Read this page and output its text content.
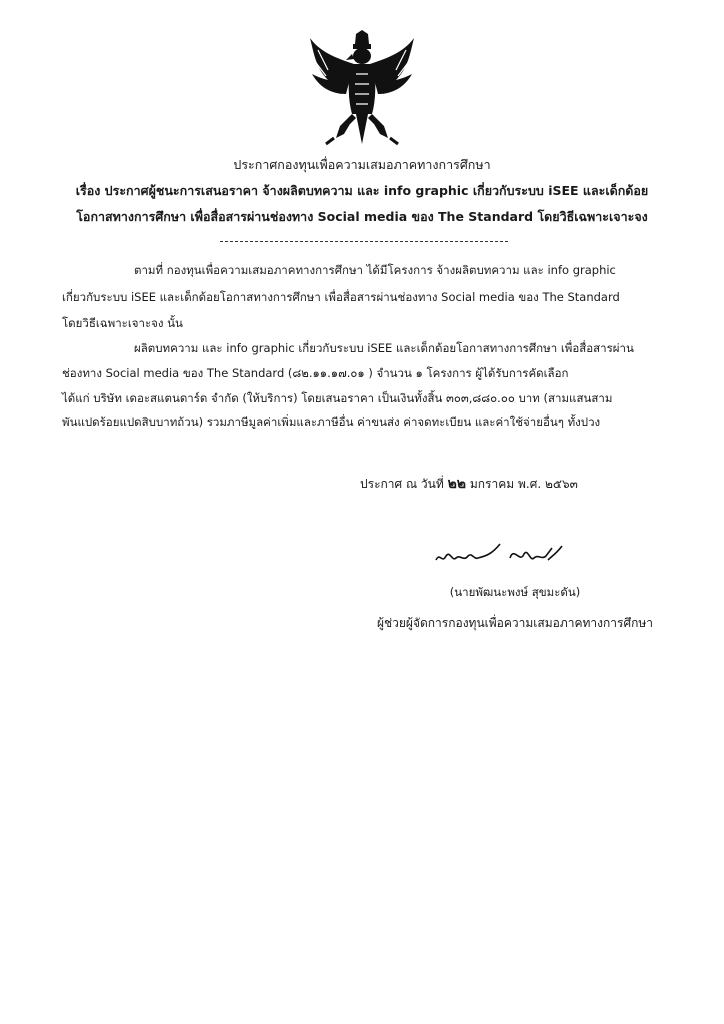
ประกาศกองทุนเพื่อความเสมอภาคทางการศึกษา
เรื่อง ประกาศผู้ชนะการเสนอราคา จ้างผลิตบทความ และ info graphic เกี่ยวกับระบบ iSEE และเด็กด้อย
โอกาสทางการศึกษา เพื่อสื่อสารผ่านช่องทาง Social media ของ The Standard โดยวิธีเฉพาะเจาะจง
ตามที่ กองทุนเพื่อความเสมอภาคทางการศึกษา ได้มีโครงการ จ้างผลิตบทความ และ info graphic
เกี่ยวกับระบบ iSEE และเด็กด้อยโอกาสทางการศึกษา เพื่อสื่อสารผ่านช่องทาง Social media ของ The Standard
โดยวิธีเฉพาะเจาะจง นั้น
ผลิตบทความ และ info graphic เกี่ยวกับระบบ iSEE และเด็กด้อยโอกาสทางการศึกษา เพื่อสื่อสารผ่าน
ช่องทาง Social media ของ The Standard (๘๒.๑๑.๑๗.๐๑ ) จำนวน ๑ โครงการ ผู้ได้รับการคัดเลือก
ได้แก่ บริษัท เดอะสแตนดาร์ด จำกัด (ให้บริการ) โดยเสนอราคา เป็นเงินทั้งสิ้น ๓๐๓,๘๘๐.๐๐ บาท (สามแสนสาม
พันแปดร้อยแปดสิบบาทถ้วน) รวมภาษีมูลค่าเพิ่มและภาษีอื่น ค่าขนส่ง ค่าจดทะเบียน และค่าใช้จ่ายอื่นๆ ทั้งปวง
ประกาศ ณ วันที่ ๒๒ มกราคม พ.ศ. ๒๕๖๓
(นายพัฒนะพงษ์ สุขมะดัน)
ผู้ช่วยผู้จัดการกองทุนเพื่อความเสมอภาคทางการศึกษา
